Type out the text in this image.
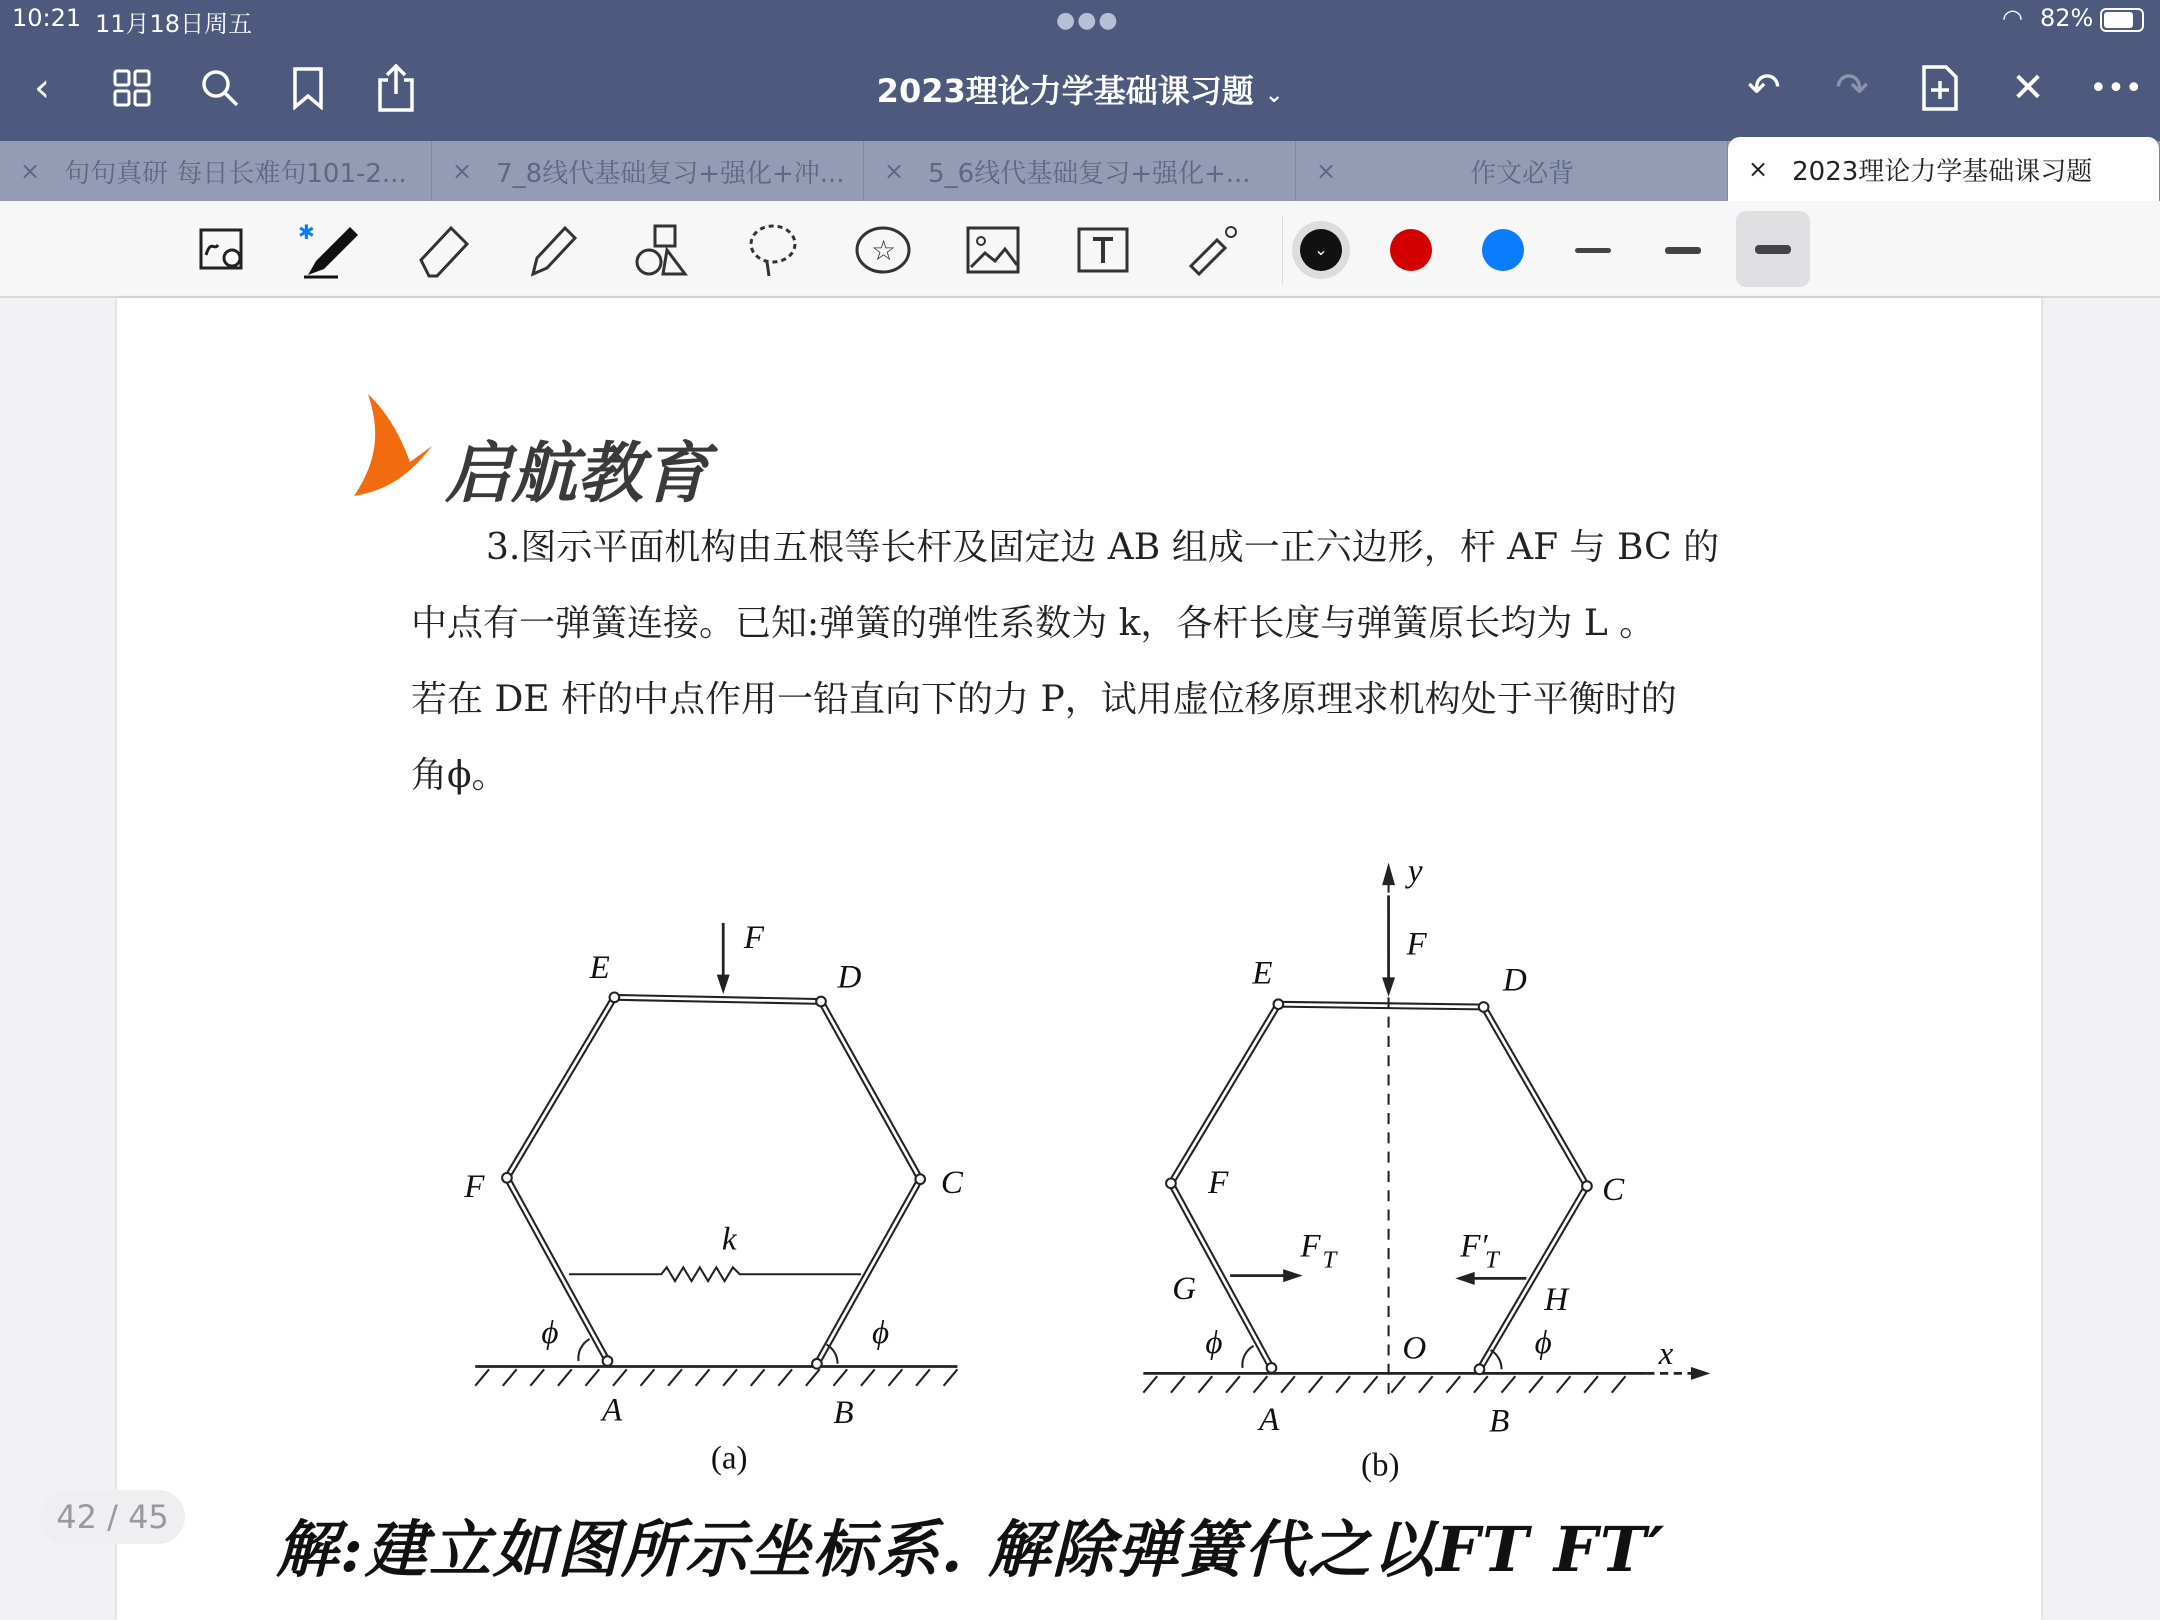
10:21 11月18日周五	●●●	◠ 82%
‹	2023理论力学基础课习题 ⌄	↶ ↷	✕ •••
× 句句真研 每日长难句101-2... × 7_8线代基础复习+强化+冲... × 5_6线代基础复习+强化+...	×	作文必背	× 2023理论力学基础课习题
✱
☆	⌄
启航教育
3.图示平面机构由五根等长杆及固定边 AB 组成一正六边形，杆 AF 与 BC 的
中点有一弹簧连接。已知:弹簧的弹性系数为 k，各杆长度与弹簧原长均为 L 。
若在 DE 杆的中点作用一铅直向下的力 P，试用虚位移原理求机构处于平衡时的
角ϕ。
E	D
C
F
A	B
k
F
ϕ	ϕ
(a)
E	D
C
F
G	H
O	x
y
F
A	B
ϕ	ϕ
F T	F′
T
(b)
42 / 45 解:建立如图所示坐标系. 解除弹簧代之以FT FT′
